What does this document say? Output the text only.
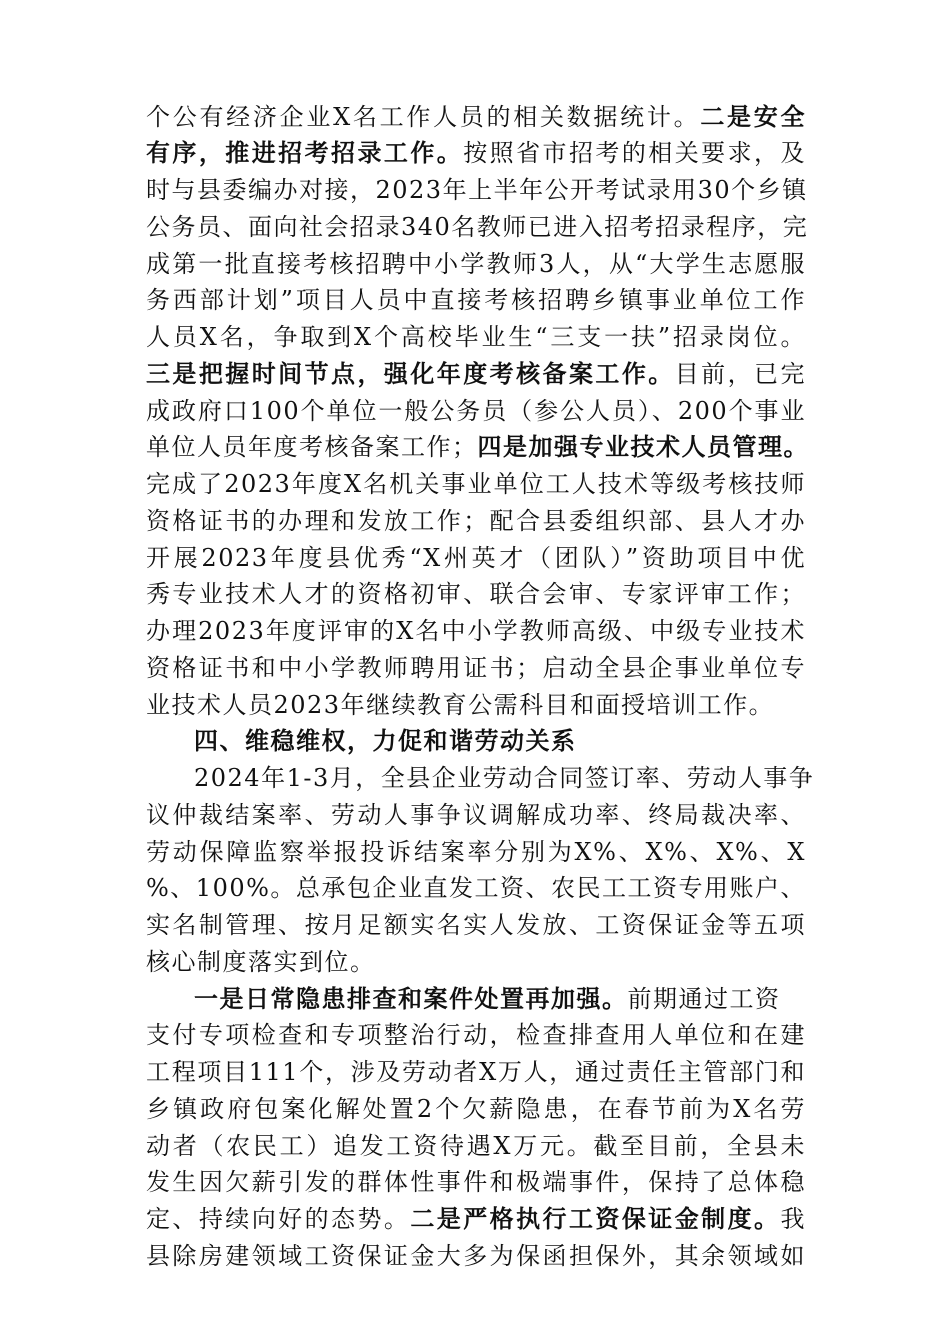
个公有经济企业X名工作人员的相关数据统计。二是安全
有序，推进招考招录工作。按照省市招考的相关要求，及
时与县委编办对接，2023年上半年公开考试录用30个乡镇
公务员、面向社会招录340名教师已进入招考招录程序，完
成第一批直接考核招聘中小学教师3人，从“大学生志愿服
务西部计划”项目人员中直接考核招聘乡镇事业单位工作
人员X名，争取到X个高校毕业生“三支一扶”招录岗位。
三是把握时间节点，强化年度考核备案工作。目前，已完
成政府口100个单位一般公务员（参公人员）、200个事业
单位人员年度考核备案工作；四是加强专业技术人员管理。
完成了2023年度X名机关事业单位工人技术等级考核技师
资格证书的办理和发放工作；配合县委组织部、县人才办
开展2023年度县优秀“X州英才（团队）”资助项目中优
秀专业技术人才的资格初审、联合会审、专家评审工作；
办理2023年度评审的X名中小学教师高级、中级专业技术
资格证书和中小学教师聘用证书；启动全县企事业单位专
业技术人员2023年继续教育公需科目和面授培训工作。
四、维稳维权，力促和谐劳动关系
2024年1-3月，全县企业劳动合同签订率、劳动人事争
议仲裁结案率、劳动人事争议调解成功率、终局裁决率、
劳动保障监察举报投诉结案率分别为X%、X%、X%、X
%、100%。总承包企业直发工资、农民工工资专用账户、
实名制管理、按月足额实名实人发放、工资保证金等五项
核心制度落实到位。
一是日常隐患排查和案件处置再加强。前期通过工资
支付专项检查和专项整治行动，检查排查用人单位和在建
工程项目111个，涉及劳动者X万人，通过责任主管部门和
乡镇政府包案化解处置2个欠薪隐患，在春节前为X名劳
动者（农民工）追发工资待遇X万元。截至目前，全县未
发生因欠薪引发的群体性事件和极端事件，保持了总体稳
定、持续向好的态势。二是严格执行工资保证金制度。我
县除房建领域工资保证金大多为保函担保外，其余领域如
